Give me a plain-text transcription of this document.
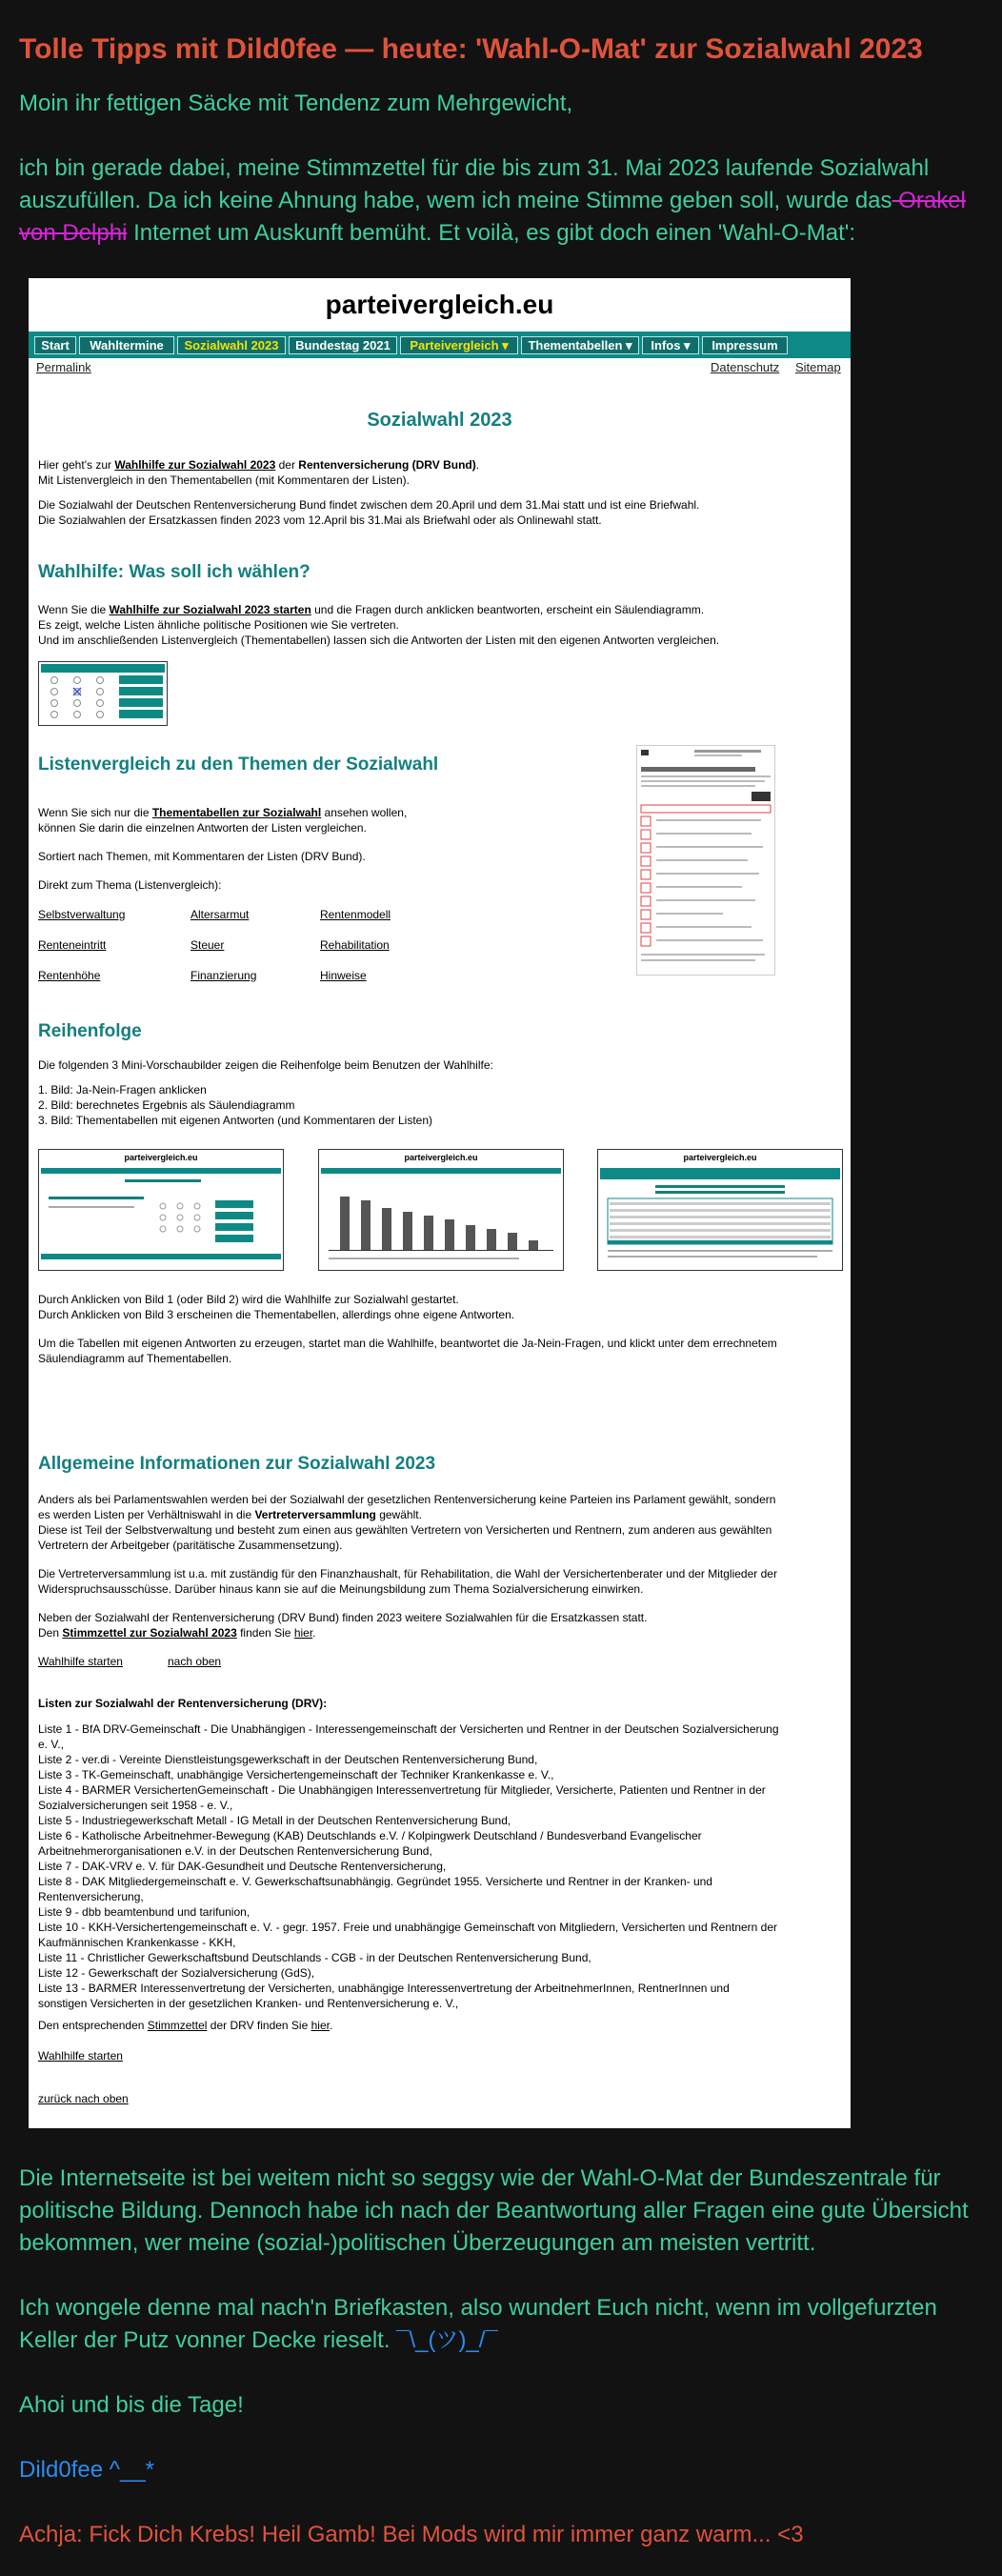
Tolle Tipps mit Dild0fee — heute: 'Wahl-O-Mat' zur Sozialwahl 2023

Moin ihr fettigen Säcke mit Tendenz zum Mehrgewicht,

ich bin gerade dabei, meine Stimmzettel für die bis zum 31. Mai 2023 laufende Sozialwahl auszufüllen. Da ich keine Ahnung habe, wem ich meine Stimme geben soll, wurde das Orakel von Delphi Internet um Auskunft bemüht. Et voilà, es gibt doch einen 'Wahl-O-Mat':

parteivergleich.eu
Start	Wahltermine	Sozialwahl 2023	Bundestag 2021	Parteivergleich ▾	Thementabellen ▾	Infos ▾	Impressum
Permalink	Datenschutz Sitemap
Sozialwahl 2023
Hier geht's zur Wahlhilfe zur Sozialwahl 2023 der Rentenversicherung (DRV Bund).
Mit Listenvergleich in den Thementabellen (mit Kommentaren der Listen).
Die Sozialwahl der Deutschen Rentenversicherung Bund findet zwischen dem 20.April und dem 31.Mai statt und ist eine Briefwahl.
Die Sozialwahlen der Ersatzkassen finden 2023 vom 12.April bis 31.Mai als Briefwahl oder als Onlinewahl statt.
Wahlhilfe: Was soll ich wählen?
Wenn Sie die Wahlhilfe zur Sozialwahl 2023 starten und die Fragen durch anklicken beantworten, erscheint ein Säulendiagramm.
Es zeigt, welche Listen ähnliche politische Positionen wie Sie vertreten.
Und im anschließenden Listenvergleich (Thementabellen) lassen sich die Antworten der Listen mit den eigenen Antworten vergleichen.
Listenvergleich zu den Themen der Sozialwahl
Wenn Sie sich nur die Thementabellen zur Sozialwahl ansehen wollen,
können Sie darin die einzelnen Antworten der Listen vergleichen.
Sortiert nach Themen, mit Kommentaren der Listen (DRV Bund).
Direkt zum Thema (Listenvergleich):
Selbstverwaltung	Altersarmut	Rentenmodell
Renteneintritt	Steuer	Rehabilitation
Rentenhöhe	Finanzierung	Hinweise
Reihenfolge
Die folgenden 3 Mini-Vorschaubilder zeigen die Reihenfolge beim Benutzen der Wahlhilfe:
1. Bild: Ja-Nein-Fragen anklicken
2. Bild: berechnetes Ergebnis als Säulendiagramm
3. Bild: Thementabellen mit eigenen Antworten (und Kommentaren der Listen)
parteivergleich.eu	parteivergleich.eu	parteivergleich.eu
Durch Anklicken von Bild 1 (oder Bild 2) wird die Wahlhilfe zur Sozialwahl gestartet.
Durch Anklicken von Bild 3 erscheinen die Thementabellen, allerdings ohne eigene Antworten.
Um die Tabellen mit eigenen Antworten zu erzeugen, startet man die Wahlhilfe, beantwortet die Ja-Nein-Fragen, und klickt unter dem errechnetem
Säulendiagramm auf Thementabellen.
Allgemeine Informationen zur Sozialwahl 2023
Anders als bei Parlamentswahlen werden bei der Sozialwahl der gesetzlichen Rentenversicherung keine Parteien ins Parlament gewählt, sondern
es werden Listen per Verhältniswahl in die Vertreterversammlung gewählt.
Diese ist Teil der Selbstverwaltung und besteht zum einen aus gewählten Vertretern von Versicherten und Rentnern, zum anderen aus gewählten
Vertretern der Arbeitgeber (paritätische Zusammensetzung).
Die Vertreterversammlung ist u.a. mit zuständig für den Finanzhaushalt, für Rehabilitation, die Wahl der Versichertenberater und der Mitglieder der
Widerspruchsausschüsse. Darüber hinaus kann sie auf die Meinungsbildung zum Thema Sozialversicherung einwirken.
Neben der Sozialwahl der Rentenversicherung (DRV Bund) finden 2023 weitere Sozialwahlen für die Ersatzkassen statt.
Den Stimmzettel zur Sozialwahl 2023 finden Sie hier.
Wahlhilfe starten	nach oben
Listen zur Sozialwahl der Rentenversicherung (DRV):
Liste 1 - BfA DRV-Gemeinschaft - Die Unabhängigen - Interessengemeinschaft der Versicherten und Rentner in der Deutschen Sozialversicherung
e. V.,
Liste 2 - ver.di - Vereinte Dienstleistungsgewerkschaft in der Deutschen Rentenversicherung Bund,
Liste 3 - TK-Gemeinschaft, unabhängige Versichertengemeinschaft der Techniker Krankenkasse e. V.,
Liste 4 - BARMER VersichertenGemeinschaft - Die Unabhängigen Interessenvertretung für Mitglieder, Versicherte, Patienten und Rentner in der
Sozialversicherungen seit 1958 - e. V.,
Liste 5 - Industriegewerkschaft Metall - IG Metall in der Deutschen Rentenversicherung Bund,
Liste 6 - Katholische Arbeitnehmer-Bewegung (KAB) Deutschlands e.V. / Kolpingwerk Deutschland / Bundesverband Evangelischer
Arbeitnehmerorganisationen e.V. in der Deutschen Rentenversicherung Bund,
Liste 7 - DAK-VRV e. V. für DAK-Gesundheit und Deutsche Rentenversicherung,
Liste 8 - DAK Mitgliedergemeinschaft e. V. Gewerkschaftsunabhängig. Gegründet 1955. Versicherte und Rentner in der Kranken- und
Rentenversicherung,
Liste 9 - dbb beamtenbund und tarifunion,
Liste 10 - KKH-Versichertengemeinschaft e. V. - gegr. 1957. Freie und unabhängige Gemeinschaft von Mitgliedern, Versicherten und Rentnern der
Kaufmännischen Krankenkasse - KKH,
Liste 11 - Christlicher Gewerkschaftsbund Deutschlands - CGB - in der Deutschen Rentenversicherung Bund,
Liste 12 - Gewerkschaft der Sozialversicherung (GdS),
Liste 13 - BARMER Interessenvertretung der Versicherten, unabhängige Interessenvertretung der ArbeitnehmerInnen, RentnerInnen und
sonstigen Versicherten in der gesetzlichen Kranken- und Rentenversicherung e. V.,
Den entsprechenden Stimmzettel der DRV finden Sie hier.
Wahlhilfe starten
zurück nach oben

Die Internetseite ist bei weitem nicht so seggsy wie der Wahl-O-Mat der Bundeszentrale für politische Bildung. Dennoch habe ich nach der Beantwortung aller Fragen eine gute Übersicht bekommen, wer meine (sozial-)politischen Überzeugungen am meisten vertritt.

Ich wongele denne mal nach'n Briefkasten, also wundert Euch nicht, wenn im vollgefurzten Keller der Putz vonner Decke rieselt. ¯\_(ツ)_/¯

Ahoi und bis die Tage!

Dild0fee ^__*

Achja: Fick Dich Krebs! Heil Gamb! Bei Mods wird mir immer ganz warm... <3
